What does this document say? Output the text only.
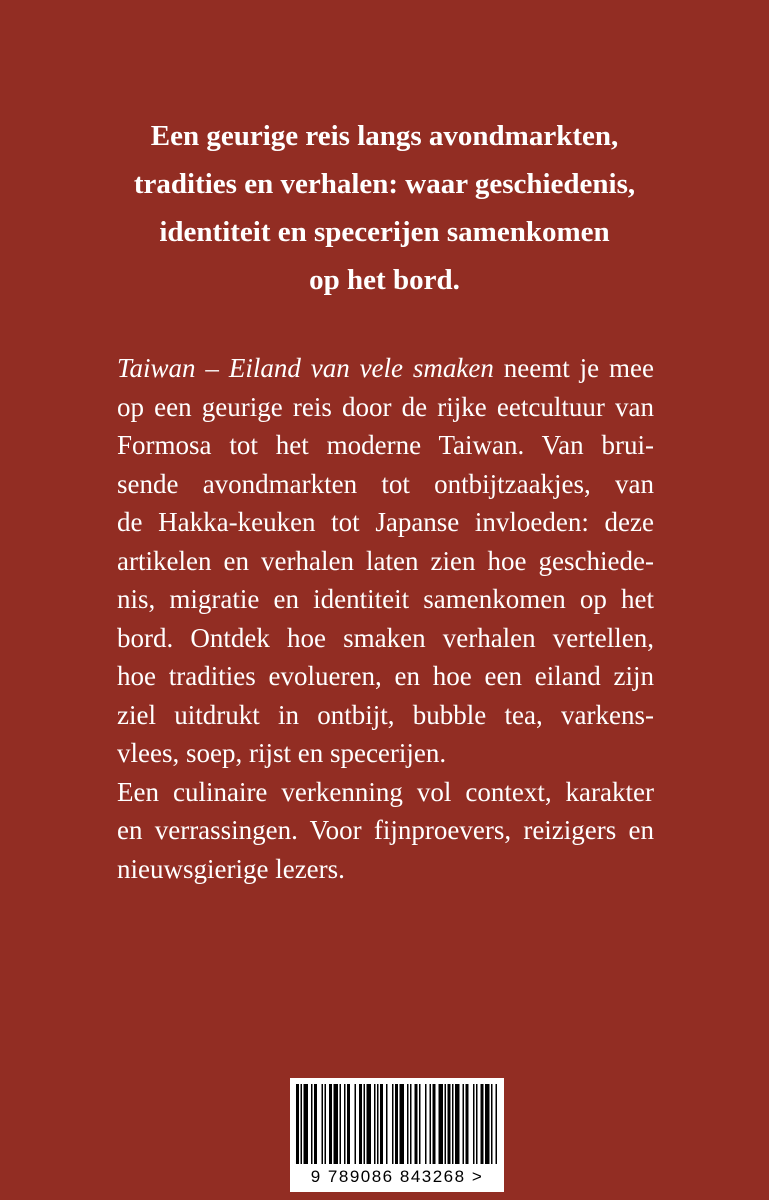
Een geurige reis langs avondmarkten,
tradities en verhalen: waar geschiedenis,
identiteit en specerijen samenkomen
op het bord.
Taiwan – Eiland van vele smaken neemt je mee
op een geurige reis door de rijke eetcultuur van
Formosa tot het moderne Taiwan. Van brui-
sende avondmarkten tot ontbijtzaakjes, van
de Hakka-keuken tot Japanse invloeden: deze
artikelen en verhalen laten zien hoe geschiede-
nis, migratie en identiteit samenkomen op het
bord. Ontdek hoe smaken verhalen vertellen,
hoe tradities evolueren, en hoe een eiland zijn
ziel uitdrukt in ontbijt, bubble tea, varkens-
vlees, soep, rijst en specerijen.
Een culinaire verkenning vol context, karakter
en verrassingen. Voor fijnproevers, reizigers en
nieuwsgierige lezers.
9 789086 843268 >
